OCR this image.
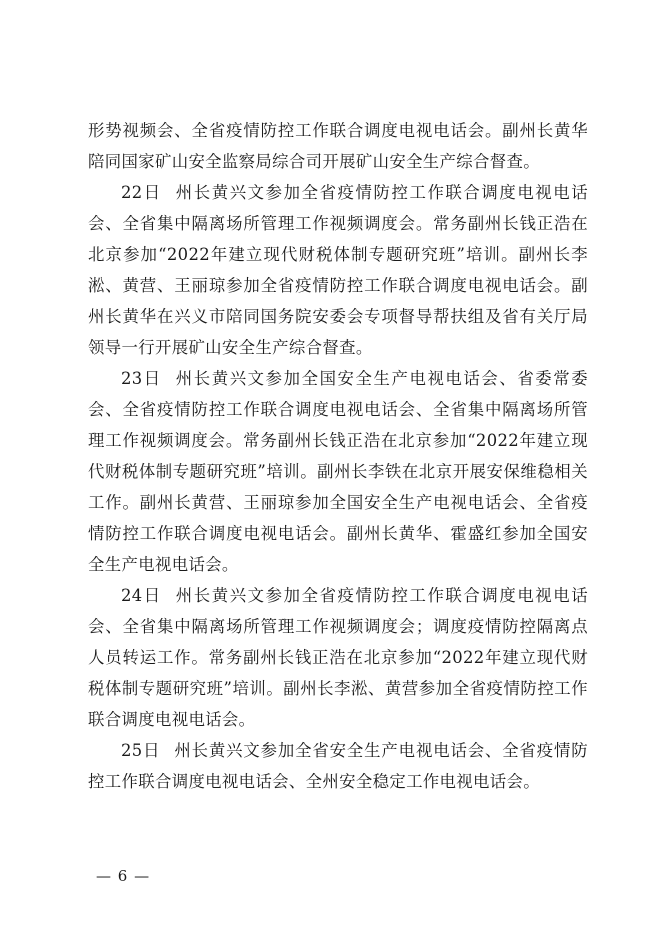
形势视频会、全省疫情防控工作联合调度电视电话会。副州长黄华陪同国家矿山安全监察局综合司开展矿山安全生产综合督查。

22日 州长黄兴文参加全省疫情防控工作联合调度电视电话会、全省集中隔离场所管理工作视频调度会。常务副州长钱正浩在北京参加“2022年建立现代财税体制专题研究班”培训。副州长李淞、黄营、王丽琼参加全省疫情防控工作联合调度电视电话会。副州长黄华在兴义市陪同国务院安委会专项督导帮扶组及省有关厅局领导一行开展矿山安全生产综合督查。

23日 州长黄兴文参加全国安全生产电视电话会、省委常委会、全省疫情防控工作联合调度电视电话会、全省集中隔离场所管理工作视频调度会。常务副州长钱正浩在北京参加“2022年建立现代财税体制专题研究班”培训。副州长李铁在北京开展安保维稳相关工作。副州长黄营、王丽琼参加全国安全生产电视电话会、全省疫情防控工作联合调度电视电话会。副州长黄华、霍盛红参加全国安全生产电视电话会。

24日 州长黄兴文参加全省疫情防控工作联合调度电视电话会、全省集中隔离场所管理工作视频调度会；调度疫情防控隔离点人员转运工作。常务副州长钱正浩在北京参加“2022年建立现代财税体制专题研究班”培训。副州长李淞、黄营参加全省疫情防控工作联合调度电视电话会。

25日 州长黄兴文参加全省安全生产电视电话会、全省疫情防控工作联合调度电视电话会、全州安全稳定工作电视电话会。

— 6 —
